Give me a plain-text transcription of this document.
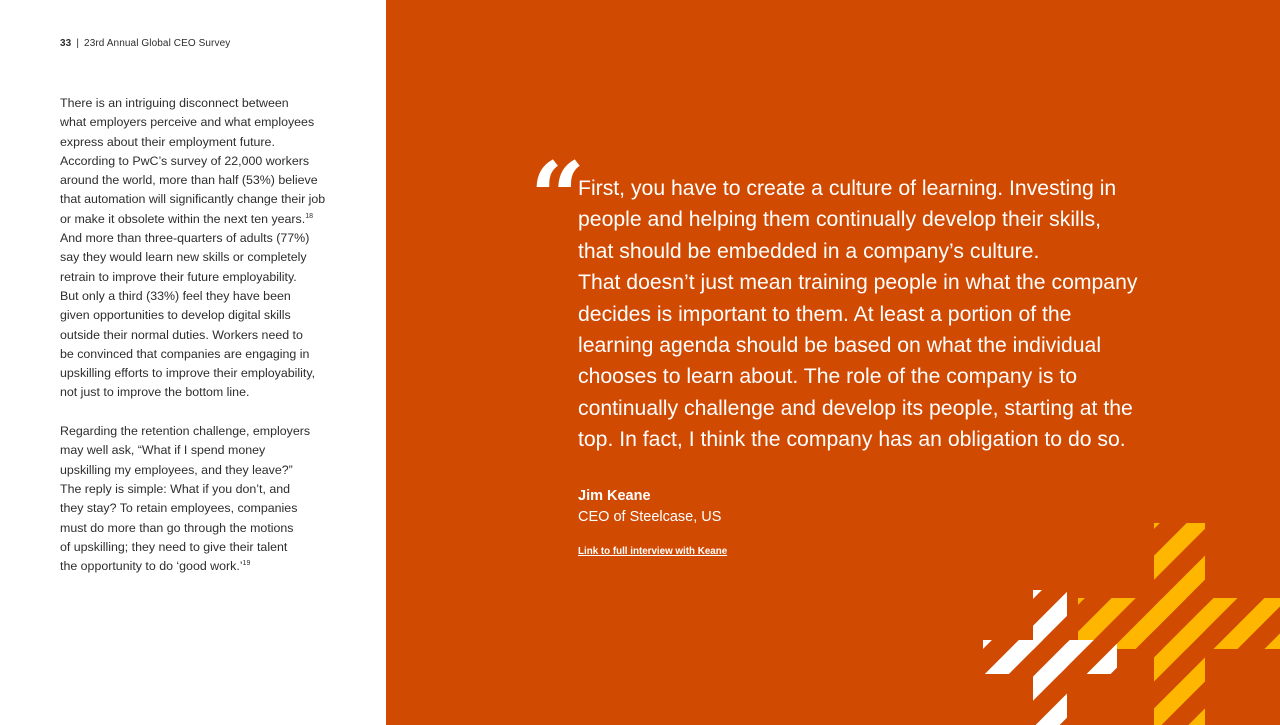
33 | 23rd Annual Global CEO Survey

There is an intriguing disconnect between
what employers perceive and what employees
express about their employment future.
According to PwC’s survey of 22,000 workers
around the world, more than half (53%) believe
that automation will significantly change their job
or make it obsolete within the next ten years.$^{18}$
And more than three-quarters of adults (77%)
say they would learn new skills or completely
retrain to improve their future employability.
But only a third (33%) feel they have been
given opportunities to develop digital skills
outside their normal duties. Workers need to
be convinced that companies are engaging in
upskilling efforts to improve their employability,
not just to improve the bottom line.

Regarding the retention challenge, employers
may well ask, “What if I spend money
upskilling my employees, and they leave?”
The reply is simple: What if you don’t, and
they stay? To retain employees, companies
must do more than go through the motions
of upskilling; they need to give their talent
the opportunity to do ‘good work.’$^{19}$

“
First, you have to create a culture of learning. Investing in
people and helping them continually develop their skills,
that should be embedded in a company’s culture.
That doesn’t just mean training people in what the company
decides is important to them. At least a portion of the
learning agenda should be based on what the individual
chooses to learn about. The role of the company is to
continually challenge and develop its people, starting at the
top. In fact, I think the company has an obligation to do so.
Jim Keane
CEO of Steelcase, US
Link to full interview with Keane
